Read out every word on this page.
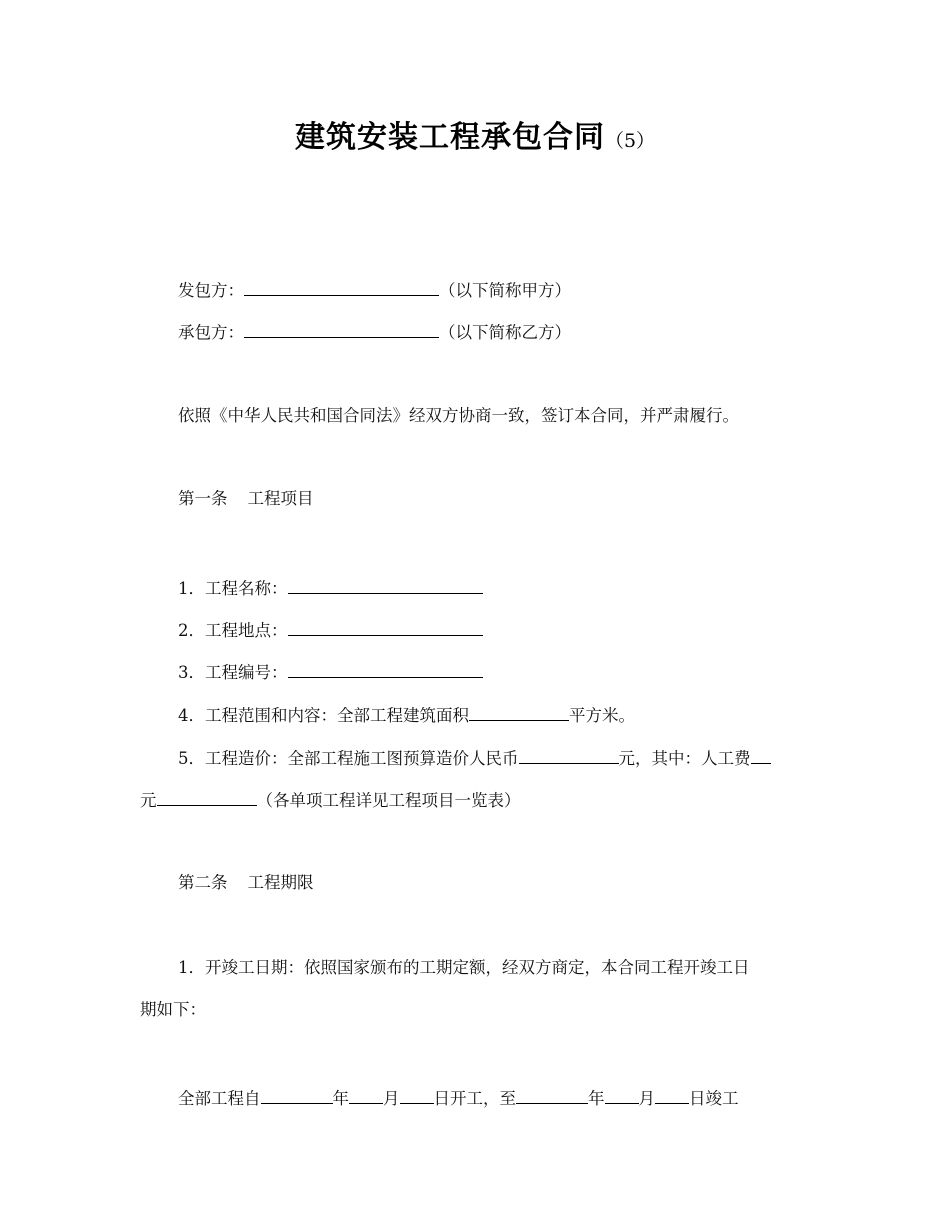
建筑安装工程承包合同（5）
发包方：	（以下简称甲方）
承包方：	（以下简称乙方）
依照《中华人民共和国合同法》经双方协商一致，签订本合同，并严肃履行。
第一条 工程项目
1．工程名称：
2．工程地点：
3．工程编号：
4．工程范围和内容：全部工程建筑面积	平方米。
5．工程造价：全部工程施工图预算造价人民币	元，其中：人工费
元	（各单项工程详见工程项目一览表）
第二条 工程期限
1．开竣工日期：依照国家颁布的工期定额，经双方商定，本合同工程开竣工日
期如下：
全部工程自	年 月 日开工，至	年 月 日竣工
